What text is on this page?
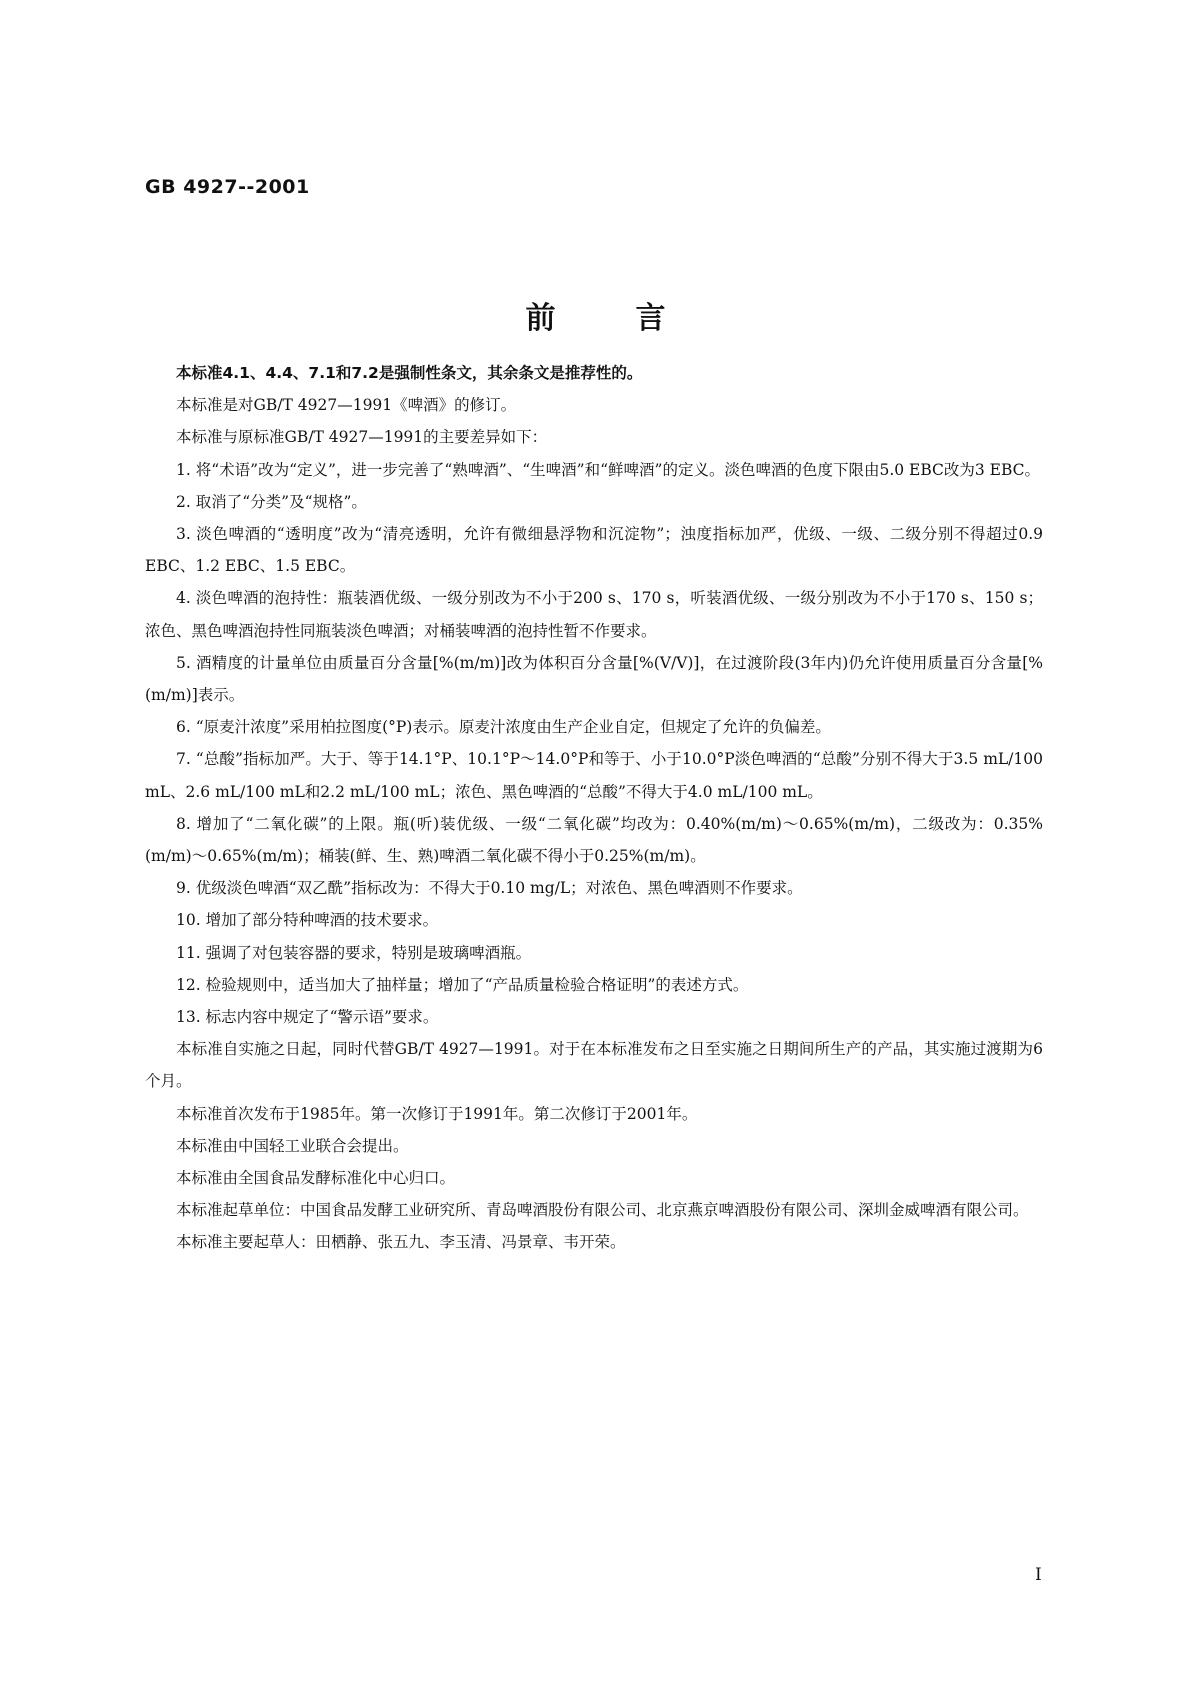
GB 4927--2001
前言

本标准4.1、4.4、7.1和7.2是强制性条文，其余条文是推荐性的。

本标准是对GB/T 4927—1991《啤酒》的修订。

本标准与原标准GB/T 4927—1991的主要差异如下：

1. 将“术语”改为“定义”，进一步完善了“熟啤酒”、“生啤酒”和“鲜啤酒”的定义。淡色啤酒的色度下限由5.0 EBC改为3 EBC。

2. 取消了“分类”及“规格”。

3. 淡色啤酒的“透明度”改为“清亮透明，允许有微细悬浮物和沉淀物”；浊度指标加严，优级、一级、二级分别不得超过0.9 EBC、1.2 EBC、1.5 EBC。

4. 淡色啤酒的泡持性：瓶装酒优级、一级分别改为不小于200 s、170 s，听装酒优级、一级分别改为不小于170 s、150 s；浓色、黑色啤酒泡持性同瓶装淡色啤酒；对桶装啤酒的泡持性暂不作要求。

5. 酒精度的计量单位由质量百分含量[%(m/m)]改为体积百分含量[%(V/V)]，在过渡阶段(3年内)仍允许使用质量百分含量[%(m/m)]表示。

6. “原麦汁浓度”采用柏拉图度(°P)表示。原麦汁浓度由生产企业自定，但规定了允许的负偏差。

7. “总酸”指标加严。大于、等于14.1°P、10.1°P～14.0°P和等于、小于10.0°P淡色啤酒的“总酸”分别不得大于3.5 mL/100 mL、2.6 mL/100 mL和2.2 mL/100 mL；浓色、黑色啤酒的“总酸”不得大于4.0 mL/100 mL。

8. 增加了“二氧化碳”的上限。瓶(听)装优级、一级“二氧化碳”均改为：0.40%(m/m)～0.65%(m/m)，二级改为：0.35%(m/m)～0.65%(m/m)；桶装(鲜、生、熟)啤酒二氧化碳不得小于0.25%(m/m)。

9. 优级淡色啤酒“双乙酰”指标改为：不得大于0.10 mg/L；对浓色、黑色啤酒则不作要求。

10. 增加了部分特种啤酒的技术要求。

11. 强调了对包装容器的要求，特别是玻璃啤酒瓶。

12. 检验规则中，适当加大了抽样量；增加了“产品质量检验合格证明”的表述方式。

13. 标志内容中规定了“警示语”要求。

本标准自实施之日起，同时代替GB/T 4927—1991。对于在本标准发布之日至实施之日期间所生产的产品，其实施过渡期为6个月。

本标准首次发布于1985年。第一次修订于1991年。第二次修订于2001年。

本标准由中国轻工业联合会提出。

本标准由全国食品发酵标准化中心归口。

本标准起草单位：中国食品发酵工业研究所、青岛啤酒股份有限公司、北京燕京啤酒股份有限公司、深圳金威啤酒有限公司。

本标准主要起草人：田栖静、张五九、李玉清、冯景章、韦开荣。

I
